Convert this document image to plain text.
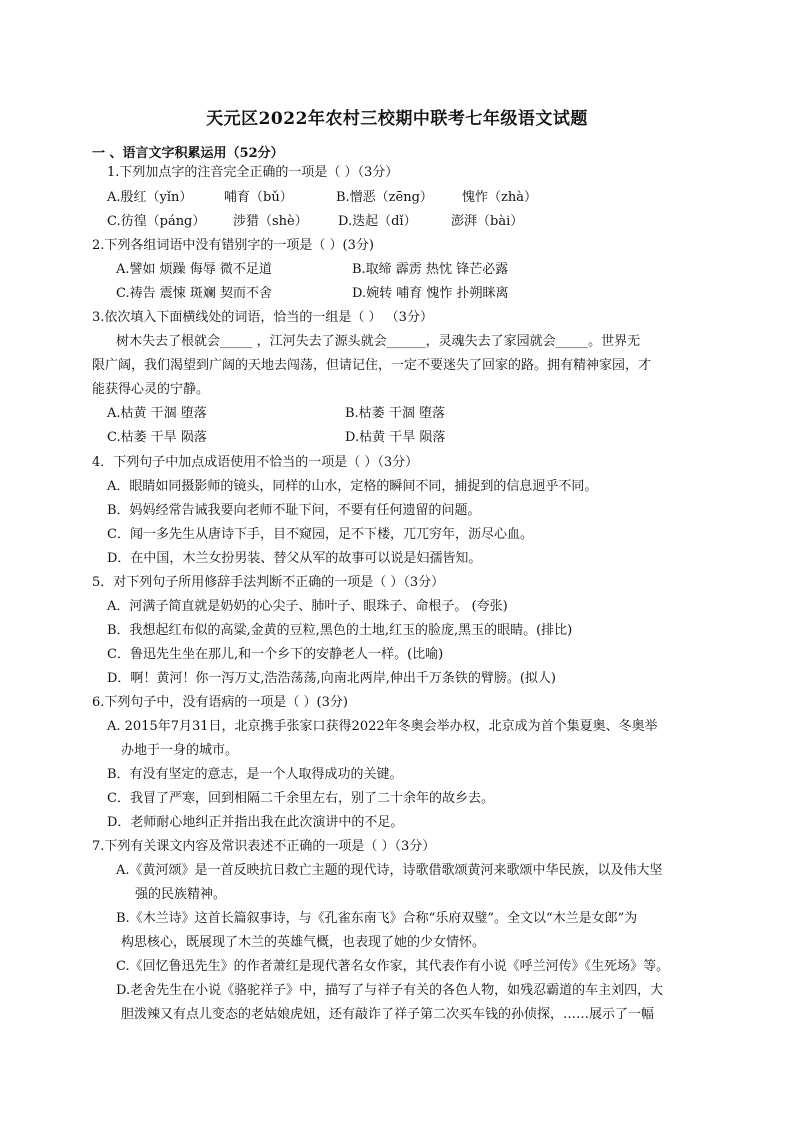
天元区2022年农村三校期中联考七年级语文试题
一 、语言文字积累运用（52分）
1.下列加点字的注音完全正确的一项是（ ）（3分）
A.殷红（yǐn） 哺育（bǔ）	B.憎恶（zēng） 愧怍（zhà）
C.彷徨（páng） 涉猎（shè） D.迭起（dǐ）	澎湃（bài）
2.下列各组词语中没有错别字的一项是（ ）(3分)
A.譬如 烦躁 侮辱 微不足道	B.取缔 霹雳 热忱 锋芒必露
C.祷告 震悚 斑斓 契而不舍	D.婉转 哺育 愧怍 扑朔眯离
3.依次填入下面横线处的词语，恰当的一组是（ ） （3分）
树木失去了根就会_____ ，江河失去了源头就会______，灵魂失去了家园就会_____。世界无
限广阔，我们渴望到广阔的天地去闯荡，但请记住，一定不要迷失了回家的路。拥有精神家园，才
能获得心灵的宁静。
A.枯黄 干涸 堕落	B.枯萎 干涸 堕落
C.枯萎 干旱 陨落	D.枯黄 干旱 陨落
4．下列句子中加点成语使用不恰当的一项是（ ）（3分）
A．眼睛如同摄影师的镜头，同样的山水，定格的瞬间不同，捕捉到的信息迥乎不同。
B．妈妈经常告诫我要向老师不耻下问，不要有任何遗留的问题。
C．闻一多先生从唐诗下手，目不窥园，足不下楼，兀兀穷年，沥尽心血。
D．在中国，木兰女扮男装、替父从军的故事可以说是妇孺皆知。
5．对下列句子所用修辞手法判断不正确的一项是（ ）（3分）
A．河满子简直就是奶奶的心尖子、肺叶子、眼珠子、命根子。 (夸张)
B．我想起红布似的高粱,金黄的豆粒,黑色的土地,红玉的脸庞,黑玉的眼睛。(排比)
C．鲁迅先生坐在那儿,和一个乡下的安静老人一样。(比喻)
D．啊！黄河！你一泻万丈,浩浩荡荡,向南北两岸,伸出千万条铁的臂膀。(拟人)
6.下列句子中，没有语病的一项是（ ）(3分)
A. 2015年7月31日，北京携手张家口获得2022年冬奥会举办权，北京成为首个集夏奥、冬奥举
办地于一身的城市。
B．有没有坚定的意志，是一个人取得成功的关键。
C．我冒了严寒，回到相隔二千余里左右，别了二十余年的故乡去。
D．老师耐心地纠正并指出我在此次演讲中的不足。
7.下列有关课文内容及常识表述不正确的一项是（ ）（3分）
A.《黄河颂》是一首反映抗日救亡主题的现代诗，诗歌借歌颂黄河来歌颂中华民族，以及伟大坚
强的民族精神。
B.《木兰诗》这首长篇叙事诗，与《孔雀东南飞》合称“乐府双璧”。全文以“木兰是女郎”为
构思核心，既展现了木兰的英雄气概，也表现了她的少女情怀。
C.《回忆鲁迅先生》的作者萧红是现代著名女作家，其代表作有小说《呼兰河传》《生死场》等。
D.老舍先生在小说《骆驼祥子》中，描写了与祥子有关的各色人物，如残忍霸道的车主刘四，大
胆泼辣又有点儿变态的老姑娘虎妞，还有敲诈了祥子第二次买车钱的孙侦探，……展示了一幅
